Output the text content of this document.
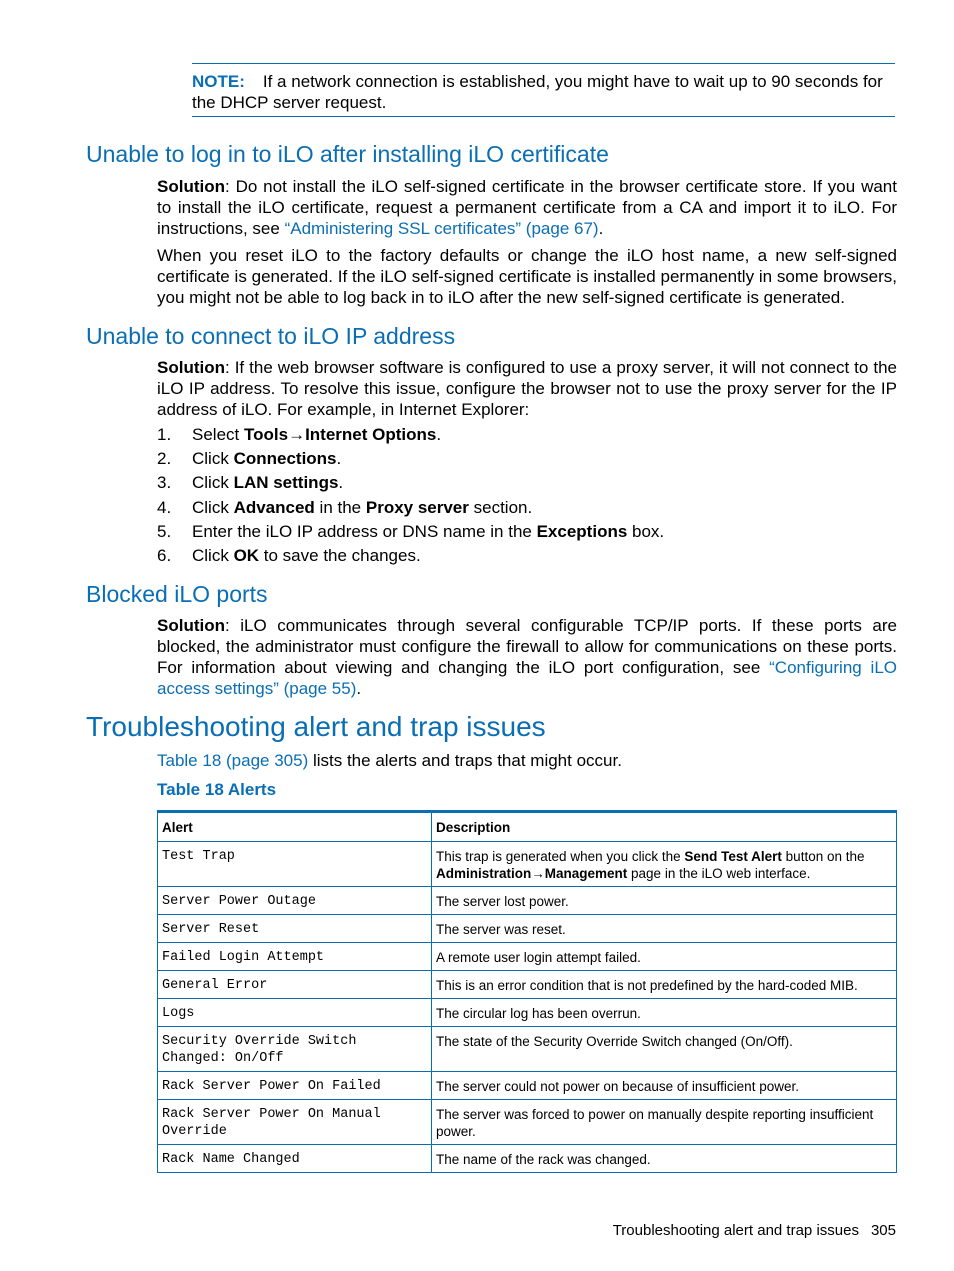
NOTE: If a network connection is established, you might have to wait up to 90 seconds for the DHCP server request.
Unable to log in to iLO after installing iLO certificate

Solution: Do not install the iLO self-signed certificate in the browser certificate store. If you want to install the iLO certificate, request a permanent certificate from a CA and import it to iLO. For instructions, see “Administering SSL certificates” (page 67).

When you reset iLO to the factory defaults or change the iLO host name, a new self-signed certificate is generated. If the iLO self-signed certificate is installed permanently in some browsers, you might not be able to log back in to iLO after the new self-signed certificate is generated.

Unable to connect to iLO IP address

Solution: If the web browser software is configured to use a proxy server, it will not connect to the iLO IP address. To resolve this issue, configure the browser not to use the proxy server for the IP address of iLO. For example, in Internet Explorer:

1. Select Tools→Internet Options.
2. Click Connections.
3. Click LAN settings.
4. Click Advanced in the Proxy server section.
5. Enter the iLO IP address or DNS name in the Exceptions box.
6. Click OK to save the changes.
Blocked iLO ports

Solution: iLO communicates through several configurable TCP/IP ports. If these ports are blocked, the administrator must configure the firewall to allow for communications on these ports. For information about viewing and changing the iLO port configuration, see “Configuring iLO access settings” (page 55).

Troubleshooting alert and trap issues

Table 18 (page 305) lists the alerts and traps that might occur.

Table 18 Alerts
Alert	Description
Test Trap	This trap is generated when you click the Send Test Alert button on the Administration→Management page in the iLO web interface.
Server Power Outage	The server lost power.
Server Reset	The server was reset.
Failed Login Attempt	A remote user login attempt failed.
General Error	This is an error condition that is not predefined by the hard-coded MIB.
Logs	The circular log has been overrun.
Security Override Switch Changed: On/Off	The state of the Security Override Switch changed (On/Off).
Rack Server Power On Failed	The server could not power on because of insufficient power.
Rack Server Power On Manual Override	The server was forced to power on manually despite reporting insufficient power.
Rack Name Changed	The name of the rack was changed.
Troubleshooting alert and trap issues 305
